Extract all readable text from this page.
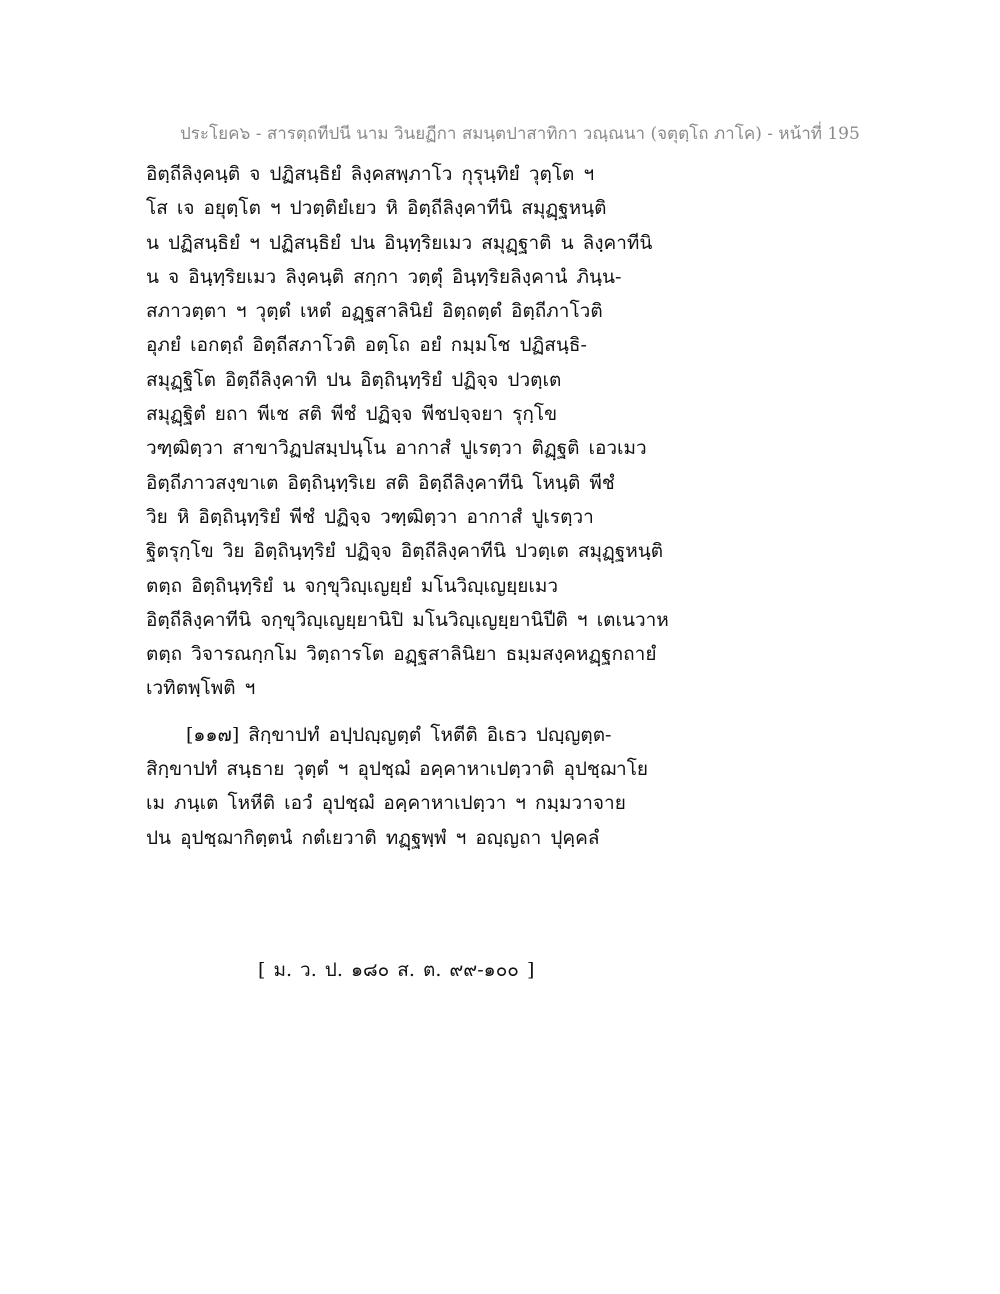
ประโยค๖ - สารตฺถทีปนี นาม วินยฏีกา สมนฺตปาสาทิกา วณฺณนา (จตุตฺโถ ภาโค) - หน้าที่ 195
อิตฺถีลิงฺคนฺติ จ ปฏิสนฺธิยํ ลิงฺคสพฺภาโว กุรุนฺทิยํ วุตฺโต ฯ
โส เจ อยุตฺโต ฯ ปวตฺติยํเยว หิ อิตฺถีลิงฺคาทีนิ สมุฏฺฐหนฺติ
น ปฏิสนฺธิยํ ฯ ปฏิสนฺธิยํ ปน อินฺทฺริยเมว สมุฏฺฐาติ น ลิงฺคาทีนิ
น จ อินฺทฺริยเมว ลิงฺคนฺติ สกฺกา วตฺตุํ อินฺทฺริยลิงฺคานํ ภินฺน-
สภาวตฺตา ฯ วุตฺตํ เหตํ อฏฺฐสาลินิยํ อิตฺถตฺตํ อิตฺถีภาโวติ
อุภยํ เอกตฺถํ อิตฺถีสภาโวติ อตฺโถ อยํ กมฺมโช ปฏิสนฺธิ-
สมุฏฺฐิโต อิตฺถีลิงฺคาทิ ปน อิตฺถินฺทฺริยํ ปฏิจฺจ ปวตฺเต
สมุฏฺฐิตํ ยถา พีเช สติ พีชํ ปฏิจฺจ พีชปจฺจยา รุกฺโข
วฑฺฒิตฺวา สาขาวิฏปสมฺปนฺโน อากาสํ ปูเรตฺวา ติฏฺฐติ เอวเมว
อิตฺถีภาวสงฺขาเต อิตฺถินฺทฺริเย สติ อิตฺถีลิงฺคาทีนิ โหนฺติ พีชํ
วิย หิ อิตฺถินฺทฺริยํ พีชํ ปฏิจฺจ วฑฺฒิตฺวา อากาสํ ปูเรตฺวา
ฐิตรุกฺโข วิย อิตฺถินฺทฺริยํ ปฏิจฺจ อิตฺถีลิงฺคาทีนิ ปวตฺเต สมุฏฺฐหนฺติ
ตตฺถ อิตฺถินฺทฺริยํ น จกฺขุวิญฺเญยฺยํ มโนวิญฺเญยฺยเมว
อิตฺถีลิงฺคาทีนิ จกฺขุวิญฺเญยฺยานิปิ มโนวิญฺเญยฺยานิปีติ ฯ เตเนวาห
ตตฺถ วิจารณกฺกโม วิตฺถารโต อฏฺฐสาลินิยา ธมฺมสงฺคหฏฺฐกถายํ
เวทิตพฺโพติ ฯ
[๑๑๗] สิกฺขาปทํ อปฺปญฺญตฺตํ โหตีติ อิเธว ปญฺญตฺต-
สิกฺขาปทํ สนฺธาย วุตฺตํ ฯ อุปชฺฌํ อคฺคาหาเปตฺวาติ อุปชฺฌาโย
เม ภนฺเต โหหีติ เอวํ อุปชฺฌํ อคฺคาหาเปตฺวา ฯ กมฺมวาจาย
ปน อุปชฺฌากิตฺตนํ กตํเยวาติ ทฏฺฐพฺพํ ฯ อญฺญถา ปุคฺคลํ
[ ม. ว. ป. ๑๘๐ ส. ต. ๙๙-๑๐๐ ]
